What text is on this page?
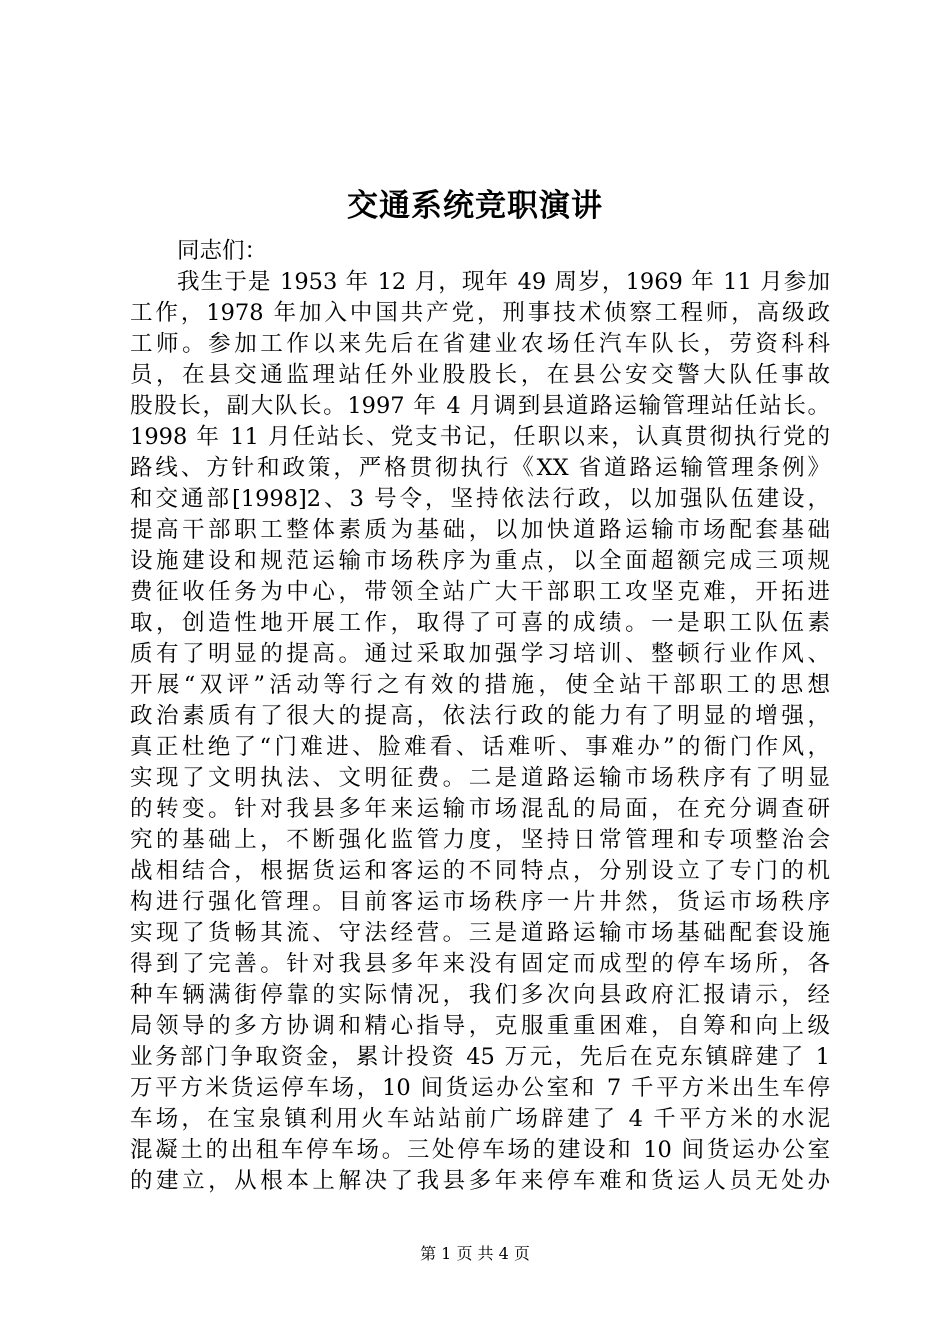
交通系统竞职演讲
同志们：
我生于是 1953 年 12 月，现年 49 周岁，1969 年 11 月参加
工作，1978 年加入中国共产党，刑事技术侦察工程师，高级政
工师。参加工作以来先后在省建业农场任汽车队长，劳资科科
员，在县交通监理站任外业股股长，在县公安交警大队任事故
股股长，副大队长。1997 年 4 月调到县道路运输管理站任站长。
1998 年 11 月任站长、党支书记，任职以来，认真贯彻执行党的
路线、方针和政策，严格贯彻执行《XX 省道路运输管理条例》
和交通部[1998]2、3 号令，坚持依法行政，以加强队伍建设，
提高干部职工整体素质为基础，以加快道路运输市场配套基础
设施建设和规范运输市场秩序为重点，以全面超额完成三项规
费征收任务为中心，带领全站广大干部职工攻坚克难，开拓进
取，创造性地开展工作，取得了可喜的成绩。一是职工队伍素
质有了明显的提高。通过采取加强学习培训、整顿行业作风、
开展“双评”活动等行之有效的措施，使全站干部职工的思想
政治素质有了很大的提高，依法行政的能力有了明显的增强，
真正杜绝了“门难进、脸难看、话难听、事难办”的衙门作风，
实现了文明执法、文明征费。二是道路运输市场秩序有了明显
的转变。针对我县多年来运输市场混乱的局面，在充分调查研
究的基础上，不断强化监管力度，坚持日常管理和专项整治会
战相结合，根据货运和客运的不同特点，分别设立了专门的机
构进行强化管理。目前客运市场秩序一片井然，货运市场秩序
实现了货畅其流、守法经营。三是道路运输市场基础配套设施
得到了完善。针对我县多年来没有固定而成型的停车场所，各
种车辆满街停靠的实际情况，我们多次向县政府汇报请示，经
局领导的多方协调和精心指导，克服重重困难，自筹和向上级
业务部门争取资金，累计投资 45 万元，先后在克东镇辟建了 1
万平方米货运停车场，10 间货运办公室和 7 千平方米出生车停
车场，在宝泉镇利用火车站站前广场辟建了 4 千平方米的水泥
混凝土的出租车停车场。三处停车场的建设和 10 间货运办公室
的建立，从根本上解决了我县多年来停车难和货运人员无处办
第 1 页 共 4 页
